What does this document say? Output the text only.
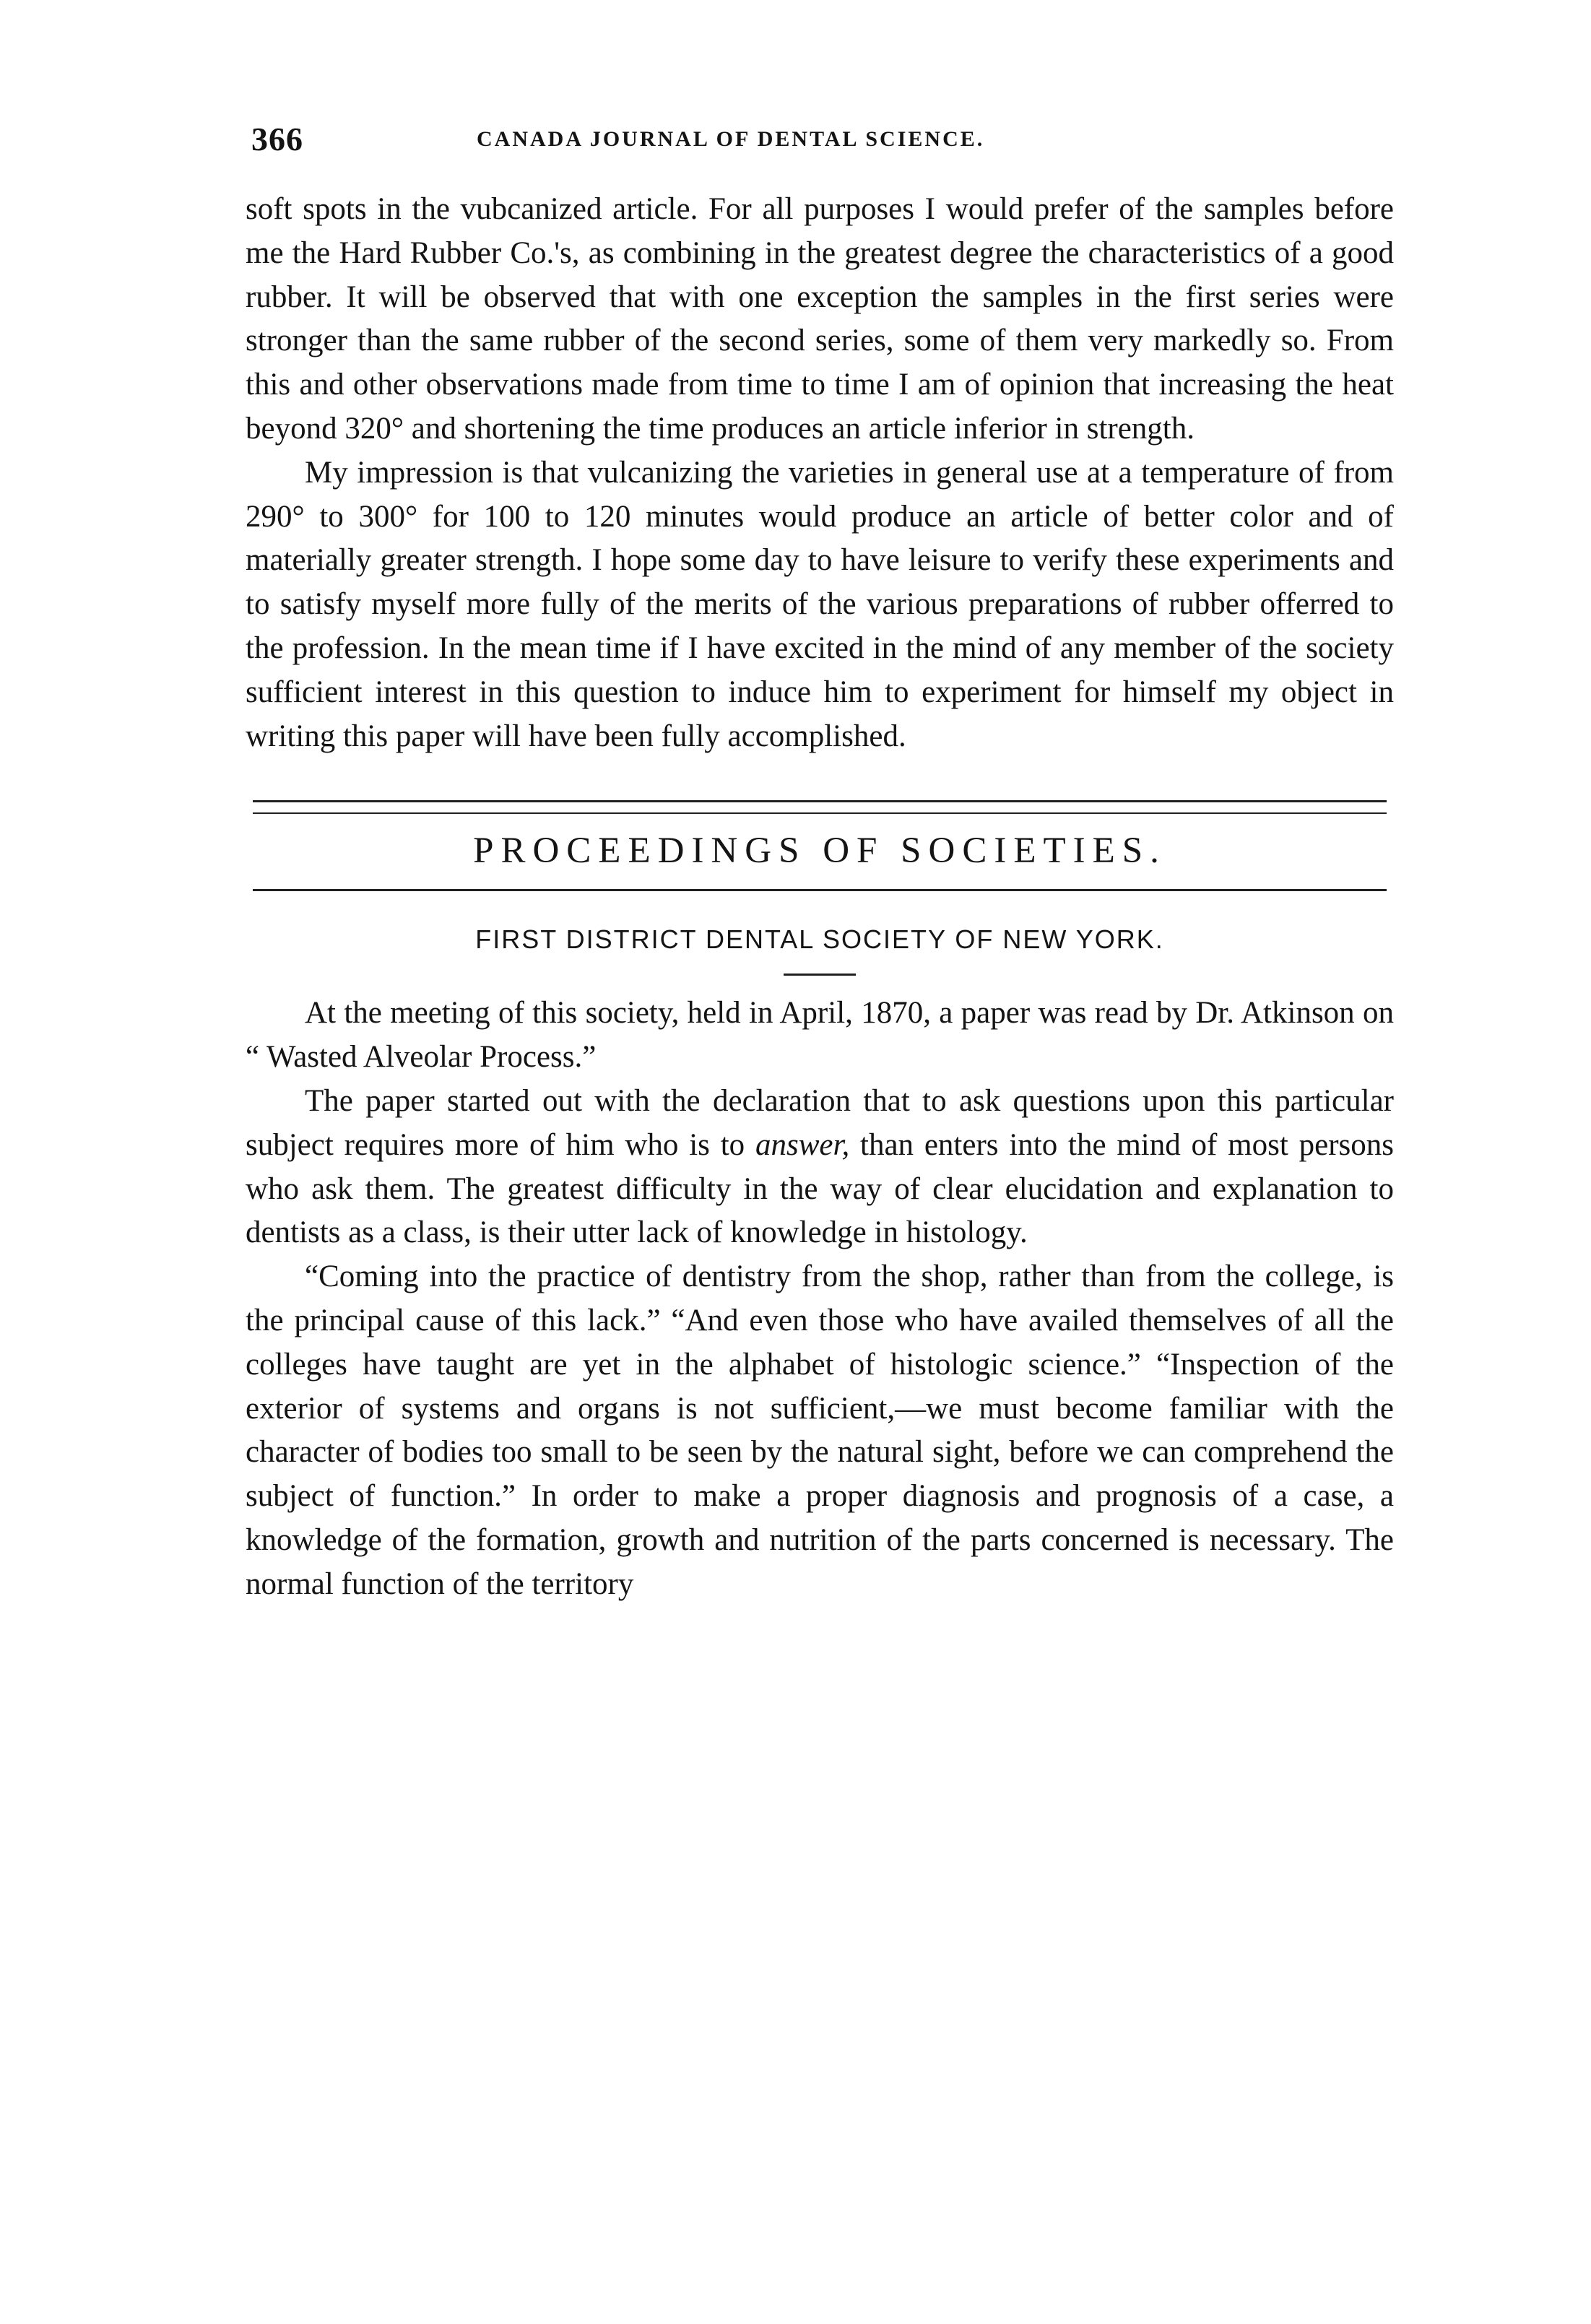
366	CANADA JOURNAL OF DENTAL SCIENCE.

soft spots in the vubcanized article. For all purposes I would prefer of the samples before me the Hard Rubber Co.'s, as combining in the greatest degree the characteristics of a good rubber. It will be observed that with one exception the samples in the first series were stronger than the same rubber of the second series, some of them very markedly so. From this and other observations made from time to time I am of opinion that increasing the heat beyond 320° and shortening the time produces an article inferior in strength.

My impression is that vulcanizing the varieties in general use at a temperature of from 290° to 300° for 100 to 120 minutes would produce an article of better color and of materially greater strength. I hope some day to have leisure to verify these experiments and to satisfy myself more fully of the merits of the various preparations of rubber offerred to the profession. In the mean time if I have excited in the mind of any member of the society sufficient interest in this question to induce him to experiment for himself my object in writing this paper will have been fully accomplished.

PROCEEDINGS OF SOCIETIES.
FIRST DISTRICT DENTAL SOCIETY OF NEW YORK.

At the meeting of this society, held in April, 1870, a paper was read by Dr. Atkinson on “ Wasted Alveolar Process.”

The paper started out with the declaration that to ask questions upon this particular subject requires more of him who is to answer, than enters into the mind of most persons who ask them. The greatest difficulty in the way of clear elucidation and explanation to dentists as a class, is their utter lack of knowledge in histology.

“Coming into the practice of dentistry from the shop, rather than from the college, is the principal cause of this lack.” “And even those who have availed themselves of all the colleges have taught are yet in the alphabet of histologic science.” “Inspection of the exterior of systems and organs is not sufficient,—we must become familiar with the character of bodies too small to be seen by the natural sight, before we can comprehend the subject of function.” In order to make a proper diagnosis and prognosis of a case, a knowledge of the formation, growth and nutrition of the parts concerned is necessary. The normal function of the territory
